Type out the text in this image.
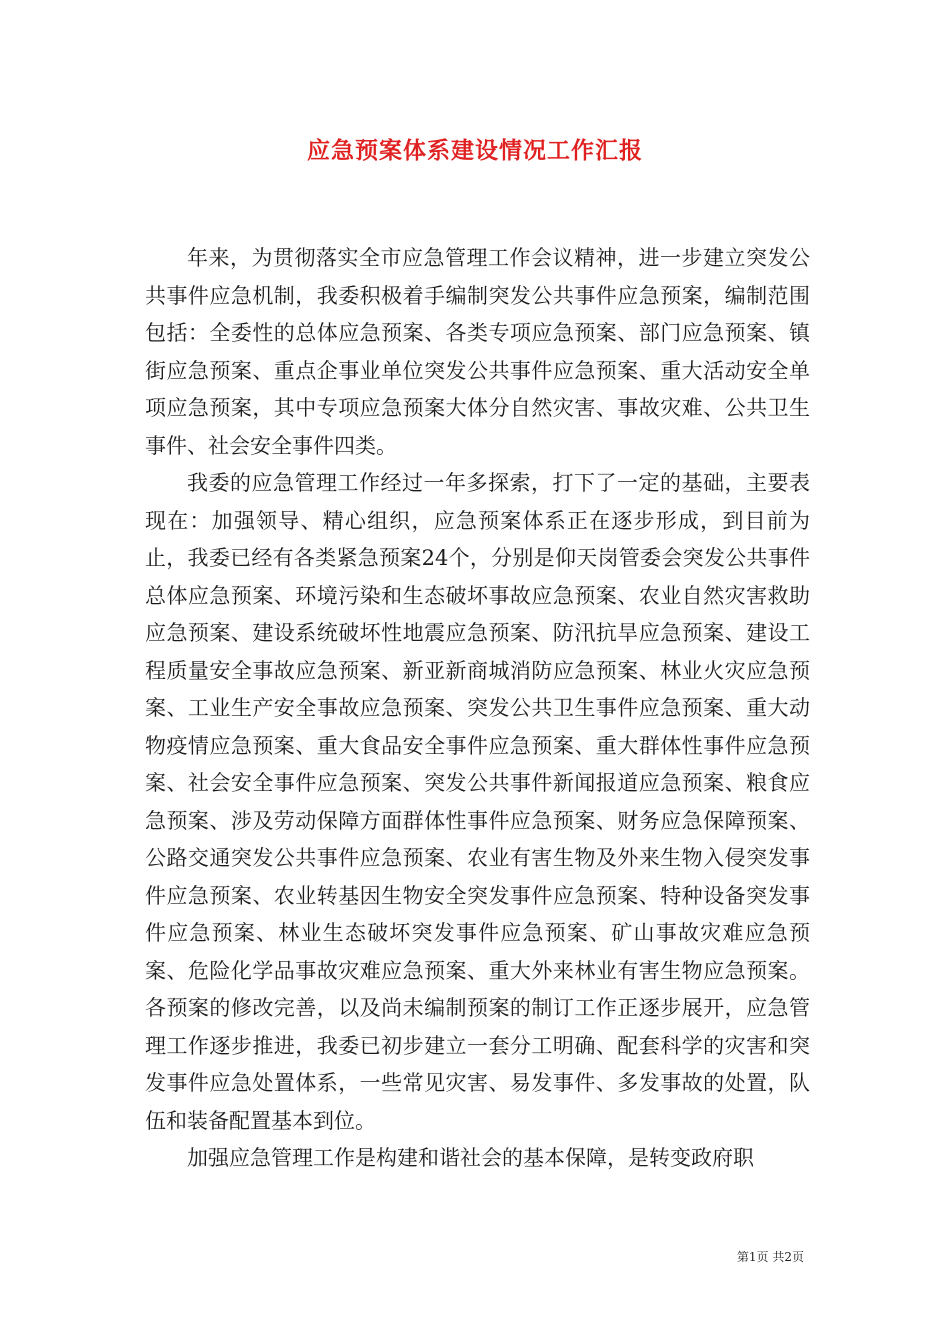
应急预案体系建设情况工作汇报

年来，为贯彻落实全市应急管理工作会议精神，进一步建立突发公共事件应急机制，我委积极着手编制突发公共事件应急预案，编制范围包括：全委性的总体应急预案、各类专项应急预案、部门应急预案、镇街应急预案、重点企事业单位突发公共事件应急预案、重大活动安全单项应急预案，其中专项应急预案大体分自然灾害、事故灾难、公共卫生事件、社会安全事件四类。

我委的应急管理工作经过一年多探索，打下了一定的基础，主要表现在：加强领导、精心组织，应急预案体系正在逐步形成，到目前为止，我委已经有各类紧急预案24个，分别是仰天岗管委会突发公共事件总体应急预案、环境污染和生态破坏事故应急预案、农业自然灾害救助应急预案、建设系统破坏性地震应急预案、防汛抗旱应急预案、建设工程质量安全事故应急预案、新亚新商城消防应急预案、林业火灾应急预案、工业生产安全事故应急预案、突发公共卫生事件应急预案、重大动物疫情应急预案、重大食品安全事件应急预案、重大群体性事件应急预案、社会安全事件应急预案、突发公共事件新闻报道应急预案、粮食应急预案、涉及劳动保障方面群体性事件应急预案、财务应急保障预案、公路交通突发公共事件应急预案、农业有害生物及外来生物入侵突发事件应急预案、农业转基因生物安全突发事件应急预案、特种设备突发事件应急预案、林业生态破坏突发事件应急预案、矿山事故灾难应急预案、危险化学品事故灾难应急预案、重大外来林业有害生物应急预案。各预案的修改完善，以及尚未编制预案的制订工作正逐步展开，应急管理工作逐步推进，我委已初步建立一套分工明确、配套科学的灾害和突发事件应急处置体系，一些常见灾害、易发事件、多发事故的处置，队伍和装备配置基本到位。

加强应急管理工作是构建和谐社会的基本保障，是转变政府职

第1页 共2页
